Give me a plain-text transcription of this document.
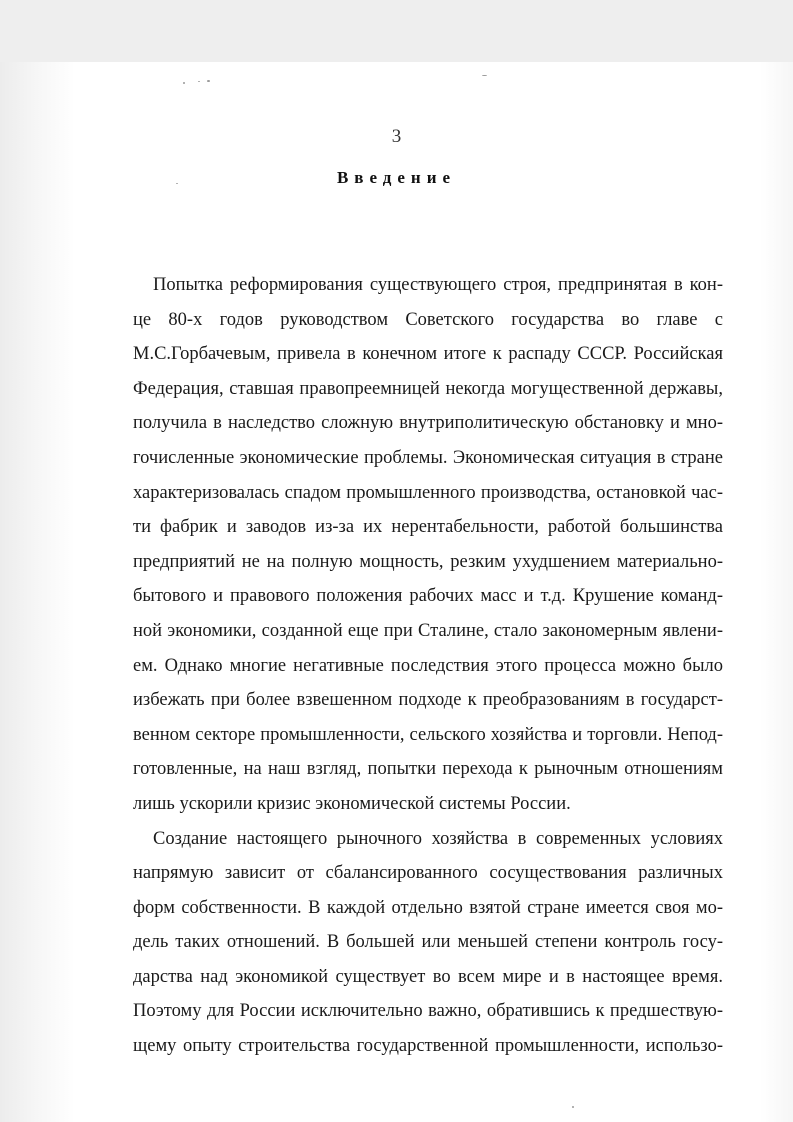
3
Введение
Попытка реформирования существующего строя, предпринятая в кон-
це 80-х годов руководством Советского государства во главе с
М.С.Горбачевым, привела в конечном итоге к распаду СССР. Российская
Федерация, ставшая правопреемницей некогда могущественной державы,
получила в наследство сложную внутриполитическую обстановку и мно-
гочисленные экономические проблемы. Экономическая ситуация в стране
характеризовалась спадом промышленного производства, остановкой час-
ти фабрик и заводов из-за их нерентабельности, работой большинства
предприятий не на полную мощность, резким ухудшением материально-
бытового и правового положения рабочих масс и т.д. Крушение команд-
ной экономики, созданной еще при Сталине, стало закономерным явлени-
ем. Однако многие негативные последствия этого процесса можно было
избежать при более взвешенном подходе к преобразованиям в государст-
венном секторе промышленности, сельского хозяйства и торговли. Непод-
готовленные, на наш взгляд, попытки перехода к рыночным отношениям
лишь ускорили кризис экономической системы России.
Создание настоящего рыночного хозяйства в современных условиях
напрямую зависит от сбалансированного сосуществования различных
форм собственности. В каждой отдельно взятой стране имеется своя мо-
дель таких отношений. В большей или меньшей степени контроль госу-
дарства над экономикой существует во всем мире и в настоящее время.
Поэтому для России исключительно важно, обратившись к предшествую-
щему опыту строительства государственной промышленности, использо-
